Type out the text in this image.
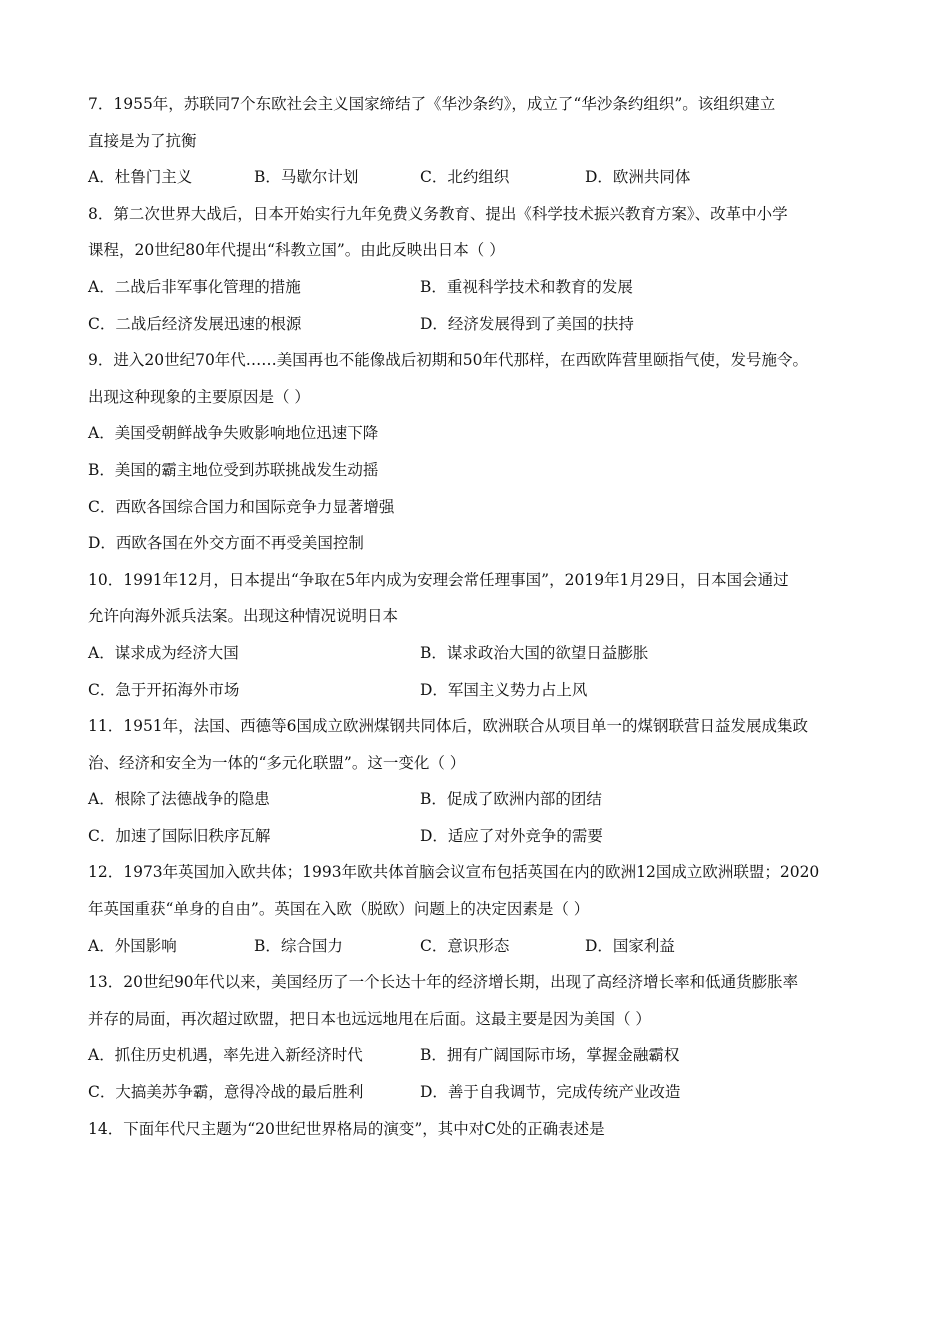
7．1955年，苏联同7个东欧社会主义国家缔结了《华沙条约》，成立了“华沙条约组织”。该组织建立
直接是为了抗衡
A．杜鲁门主义	B．马歇尔计划	C．北约组织	D．欧洲共同体
8．第二次世界大战后，日本开始实行九年免费义务教育、提出《科学技术振兴教育方案》、改革中小学
课程，20世纪80年代提出“科教立国”。由此反映出日本（ ）
A．二战后非军事化管理的措施	B．重视科学技术和教育的发展
C．二战后经济发展迅速的根源	D．经济发展得到了美国的扶持
9．进入20世纪70年代……美国再也不能像战后初期和50年代那样，在西欧阵营里颐指气使，发号施令。
出现这种现象的主要原因是（ ）
A．美国受朝鲜战争失败影响地位迅速下降
B．美国的霸主地位受到苏联挑战发生动摇
C．西欧各国综合国力和国际竞争力显著增强
D．西欧各国在外交方面不再受美国控制
10．1991年12月，日本提出“争取在5年内成为安理会常任理事国”，2019年1月29日，日本国会通过
允许向海外派兵法案。出现这种情况说明日本
A．谋求成为经济大国	B．谋求政治大国的欲望日益膨胀
C．急于开拓海外市场	D．军国主义势力占上风
11．1951年，法国、西德等6国成立欧洲煤钢共同体后，欧洲联合从项目单一的煤钢联营日益发展成集政
治、经济和安全为一体的“多元化联盟”。这一变化（ ）
A．根除了法德战争的隐患	B．促成了欧洲内部的团结
C．加速了国际旧秩序瓦解	D．适应了对外竞争的需要
12．1973年英国加入欧共体；1993年欧共体首脑会议宣布包括英国在内的欧洲12国成立欧洲联盟；2020
年英国重获“单身的自由”。英国在入欧（脱欧）问题上的决定因素是（ ）
A．外国影响	B．综合国力	C．意识形态	D．国家利益
13．20世纪90年代以来，美国经历了一个长达十年的经济增长期，出现了高经济增长率和低通货膨胀率
并存的局面，再次超过欧盟，把日本也远远地甩在后面。这最主要是因为美国（ ）
A．抓住历史机遇，率先进入新经济时代	B．拥有广阔国际市场，掌握金融霸权
C．大搞美苏争霸，意得冷战的最后胜利	D．善于自我调节，完成传统产业改造
14．下面年代尺主题为“20世纪世界格局的演变”，其中对C处的正确表述是
